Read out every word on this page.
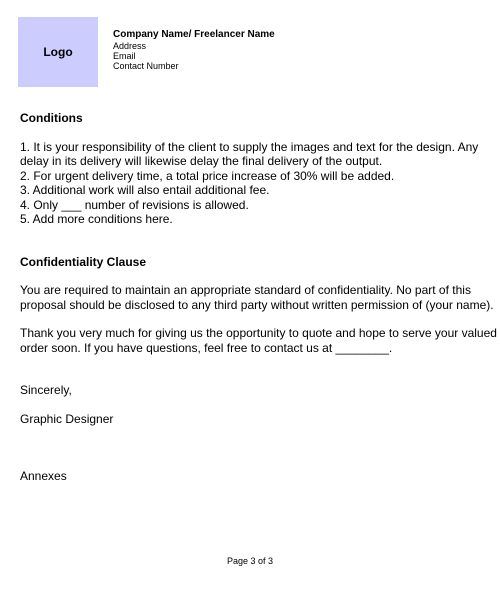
Logo
Company Name/ Freelancer Name
Address
Email
Contact Number
Conditions
1. It is your responsibility of the client to supply the images and text for the design. Any
delay in its delivery will likewise delay the final delivery of the output.
2. For urgent delivery time, a total price increase of 30% will be added.
3. Additional work will also entail additional fee.
4. Only ___ number of revisions is allowed.
5. Add more conditions here.
Confidentiality Clause
You are required to maintain an appropriate standard of confidentiality. No part of this
proposal should be disclosed to any third party without written permission of (your name).
Thank you very much for giving us the opportunity to quote and hope to serve your valued
order soon. If you have questions, feel free to contact us at ________.
Sincerely,
Graphic Designer
Annexes
Page 3 of 3
